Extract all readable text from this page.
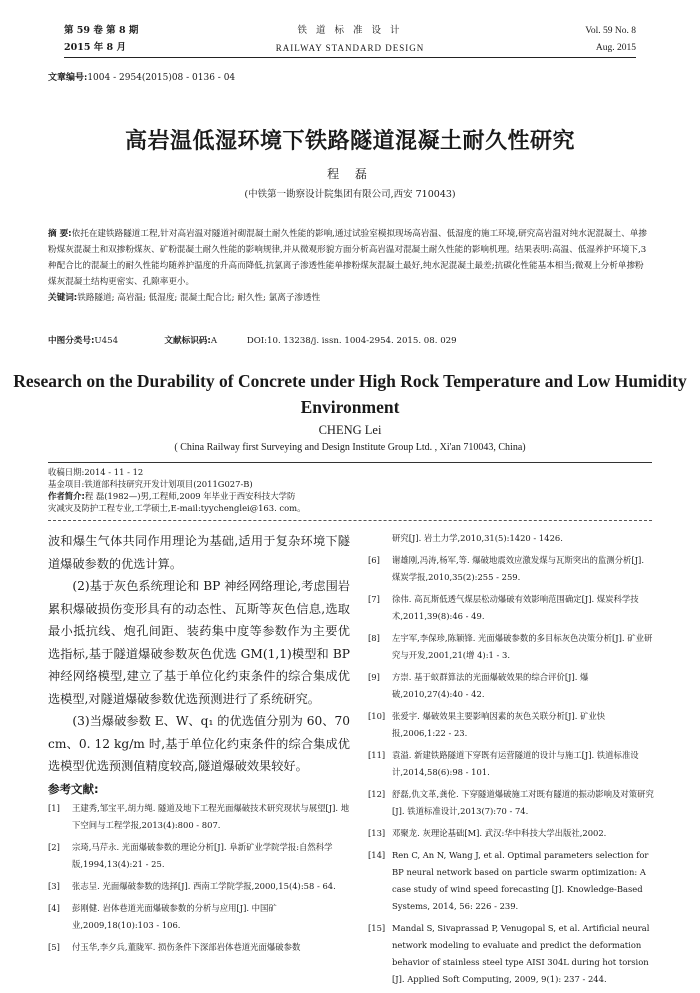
第 59 卷 第 8 期
2015 年 8 月
铁 道 标 准 设 计
RAILWAY STANDARD DESIGN
Vol. 59 No. 8
Aug. 2015
文章编号:1004 - 2954(2015)08 - 0136 - 04
高岩温低湿环境下铁路隧道混凝土耐久性研究
程 磊
(中铁第一勘察设计院集团有限公司,西安 710043)

摘 要:依托在建铁路隧道工程,针对高岩温对隧道衬砌混凝土耐久性能的影响,通过试验室模拟现场高岩温、低湿度的施工环境,研究高岩温对纯水泥混凝土、单掺粉煤灰混凝土和双掺粉煤灰、矿粉混凝土耐久性能的影响规律,并从微观形貌方面分析高岩温对混凝土耐久性能的影响机理。结果表明:高温、低湿养护环境下,3 种配合比的混凝土的耐久性能均随养护温度的升高而降低,抗氯离子渗透性能单掺粉煤灰混凝土最好,纯水泥混凝土最差;抗碳化性能基本相当;微观上分析单掺粉煤灰混凝土结构更密实、孔隙率更小。

关键词:铁路隧道; 高岩温; 低湿度; 混凝土配合比; 耐久性; 氯离子渗透性

中图分类号:U454	文献标识码:A	DOI:10. 13238/j. issn. 1004-2954. 2015. 08. 029
Research on the Durability of Concrete under High Rock Temperature and Low Humidity Environment
CHENG Lei
( China Railway first Surveying and Design Institute Group Ltd. , Xi'an 710043, China)
收稿日期:2014 - 11 - 12
基金项目:铁道部科技研究开发计划项目(2011G027-B)
作者简介:程 磊(1982—)男,工程师,2009 年毕业于西安科技大学防
灾减灾及防护工程专业,工学硕士,E-mail:tyychenglei@163. com。

波和爆生气体共同作用理论为基础,适用于复杂环境下隧道爆破参数的优选计算。

(2)基于灰色系统理论和 BP 神经网络理论,考虑围岩累积爆破损伤变形具有的动态性、瓦斯等灰色信息,选取最小抵抗线、炮孔间距、装药集中度等参数作为主要优选指标,基于隧道爆破参数灰色优选 GM(1,1)模型和 BP 神经网络模型,建立了基于单位化约束条件的综合集成优选模型,对隧道爆破参数优选预测进行了系统研究。

(3)当爆破参数 E、W、q₁ 的优选值分别为 60、70 cm、0. 12 kg/m 时,基于单位化约束条件的综合集成优选模型优选预测值精度较高,隧道爆破效果较好。

参考文献:
[1]	王建秀,邹宝平,胡力绳. 隧道及地下工程光面爆破技术研究现状与展望[J]. 地下空间与工程学报,2013(4):800 - 807.
[2]	宗琦,马芹永. 光面爆破参数的理论分析[J]. 阜新矿业学院学报:自然科学版,1994,13(4):21 - 25.
[3]	张志呈. 光面爆破参数的选择[J]. 西南工学院学报,2000,15(4):58 - 64.
[4]	彭刚健. 岩体巷道光面爆破参数的分析与应用[J]. 中国矿业,2009,18(10):103 - 106.
[5]	付玉华,李夕兵,董陇军. 损伤条件下深部岩体巷道光面爆破参数
研究[J]. 岩土力学,2010,31(5):1420 - 1426.
[6]	谢雄刚,冯涛,杨军,等. 爆破地震效应激发煤与瓦斯突出的监测分析[J]. 煤炭学报,2010,35(2):255 - 259.
[7]	徐伟. 高瓦斯低透气煤层松动爆破有效影响范围确定[J]. 煤炭科学技术,2011,39(8):46 - 49.
[8]	左宇军,李保珍,陈颖锋. 光面爆破参数的多目标灰色决策分析[J]. 矿业研究与开发,2001,21(增 4):1 - 3.
[9]	方崇. 基于蚁群算法的光面爆破效果的综合评价[J]. 爆破,2010,27(4):40 - 42.
[10] 张爱宇. 爆破效果主要影响因素的灰色关联分析[J]. 矿业快报,2006,1:22 - 23.
[11] 袁溢. 新建铁路隧道下穿既有运营隧道的设计与施工[J]. 铁道标准设计,2014,58(6):98 - 101.
[12] 舒磊,仇文革,龚伦. 下穿隧道爆破施工对既有隧道的振动影响及对策研究[J]. 铁道标准设计,2013(7):70 - 74.
[13] 邓聚龙. 灰理论基础[M]. 武汉:华中科技大学出版社,2002.
[14] Ren C, An N, Wang J, et al. Optimal parameters selection for BP neural network based on particle swarm optimization: A case study of wind speed forecasting [J]. Knowledge-Based Systems, 2014, 56: 226 - 239.
[15] Mandal S, Sivaprassad P, Venugopal S, et al. Artificial neural network modeling to evaluate and predict the deformation behavior of stainless steel type AISI 304L during hot torsion [J]. Applied Soft Computing, 2009, 9(1): 237 - 244.
